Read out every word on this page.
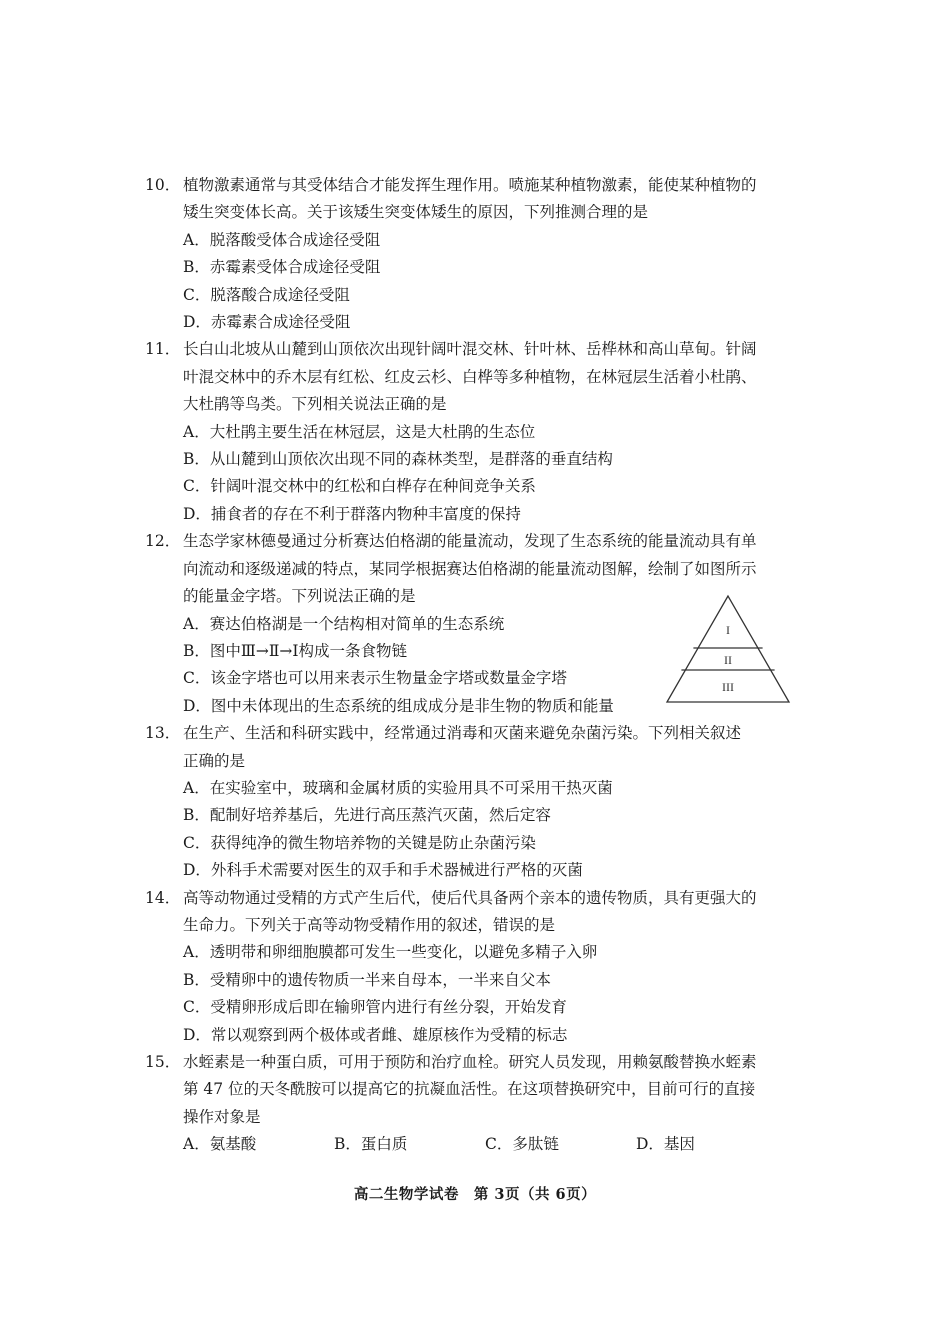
10． 植物激素通常与其受体结合才能发挥生理作用。喷施某种植物激素，能使某种植物的
矮生突变体长高。关于该矮生突变体矮生的原因，下列推测合理的是
A．脱落酸受体合成途径受阻
B．赤霉素受体合成途径受阻
C．脱落酸合成途径受阻
D．赤霉素合成途径受阻
11． 长白山北坡从山麓到山顶依次出现针阔叶混交林、针叶林、岳桦林和高山草甸。针阔
叶混交林中的乔木层有红松、红皮云杉、白桦等多种植物，在林冠层生活着小杜鹃、
大杜鹃等鸟类。下列相关说法正确的是
A．大杜鹃主要生活在林冠层，这是大杜鹃的生态位
B．从山麓到山顶依次出现不同的森林类型，是群落的垂直结构
C．针阔叶混交林中的红松和白桦存在种间竞争关系
D．捕食者的存在不利于群落内物种丰富度的保持
12． 生态学家林德曼通过分析赛达伯格湖的能量流动，发现了生态系统的能量流动具有单
向流动和逐级递减的特点，某同学根据赛达伯格湖的能量流动图解，绘制了如图所示
的能量金字塔。下列说法正确的是
A．赛达伯格湖是一个结构相对简单的生态系统
B．图中Ⅲ→Ⅱ→Ⅰ构成一条食物链
C．该金字塔也可以用来表示生物量金字塔或数量金字塔
D．图中未体现出的生态系统的组成成分是非生物的物质和能量
I
II
III
13． 在生产、生活和科研实践中，经常通过消毒和灭菌来避免杂菌污染。下列相关叙述
正确的是
A．在实验室中，玻璃和金属材质的实验用具不可采用干热灭菌
B．配制好培养基后，先进行高压蒸汽灭菌，然后定容
C．获得纯净的微生物培养物的关键是防止杂菌污染
D．外科手术需要对医生的双手和手术器械进行严格的灭菌
14． 高等动物通过受精的方式产生后代，使后代具备两个亲本的遗传物质，具有更强大的
生命力。下列关于高等动物受精作用的叙述，错误的是
A．透明带和卵细胞膜都可发生一些变化，以避免多精子入卵
B．受精卵中的遗传物质一半来自母本，一半来自父本
C．受精卵形成后即在输卵管内进行有丝分裂，开始发育
D．常以观察到两个极体或者雌、雄原核作为受精的标志
15． 水蛭素是一种蛋白质，可用于预防和治疗血栓。研究人员发现，用赖氨酸替换水蛭素
第 47 位的天冬酰胺可以提高它的抗凝血活性。在这项替换研究中，目前可行的直接
操作对象是
A．氨基酸	B．蛋白质	C．多肽链	D．基因
高二生物学试卷　第 3页（共 6页）
